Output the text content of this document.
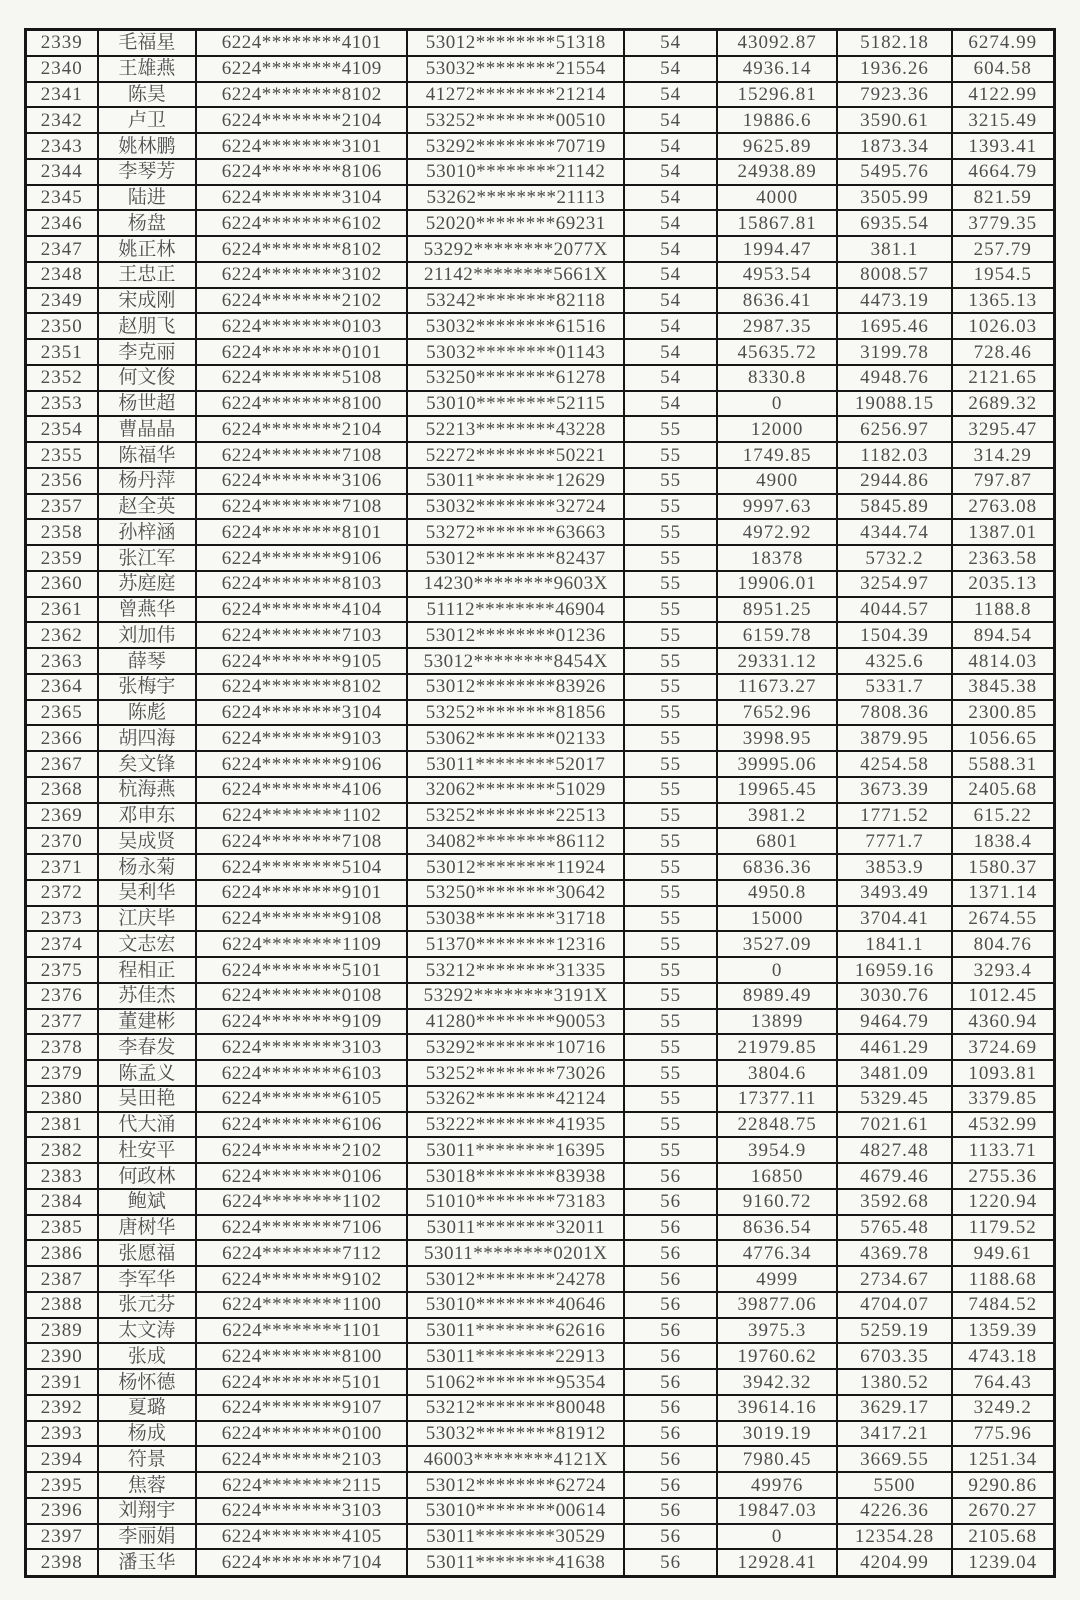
2339	毛福星	6224********4101	53012********51318	54	43092.87	5182.18	6274.99
2340	王雄燕	6224********4109	53032********21554	54	4936.14	1936.26	604.58
2341	陈昊	6224********8102	41272********21214	54	15296.81	7923.36	4122.99
2342	卢卫	6224********2104	53252********00510	54	19886.6	3590.61	3215.49
2343	姚林鹏	6224********3101	53292********70719	54	9625.89	1873.34	1393.41
2344	李琴芳	6224********8106	53010********21142	54	24938.89	5495.76	4664.79
2345	陆进	6224********3104	53262********21113	54	4000	3505.99	821.59
2346	杨盘	6224********6102	52020********69231	54	15867.81	6935.54	3779.35
2347	姚正林	6224********8102	53292********2077X	54	1994.47	381.1	257.79
2348	王忠正	6224********3102	21142********5661X	54	4953.54	8008.57	1954.5
2349	宋成刚	6224********2102	53242********82118	54	8636.41	4473.19	1365.13
2350	赵朋飞	6224********0103	53032********61516	54	2987.35	1695.46	1026.03
2351	李克丽	6224********0101	53032********01143	54	45635.72	3199.78	728.46
2352	何文俊	6224********5108	53250********61278	54	8330.8	4948.76	2121.65
2353	杨世超	6224********8100	53010********52115	54	0	19088.15	2689.32
2354	曹晶晶	6224********2104	52213********43228	55	12000	6256.97	3295.47
2355	陈福华	6224********7108	52272********50221	55	1749.85	1182.03	314.29
2356	杨丹萍	6224********3106	53011********12629	55	4900	2944.86	797.87
2357	赵全英	6224********7108	53032********32724	55	9997.63	5845.89	2763.08
2358	孙梓涵	6224********8101	53272********63663	55	4972.92	4344.74	1387.01
2359	张江军	6224********9106	53012********82437	55	18378	5732.2	2363.58
2360	苏庭庭	6224********8103	14230********9603X	55	19906.01	3254.97	2035.13
2361	曾燕华	6224********4104	51112********46904	55	8951.25	4044.57	1188.8
2362	刘加伟	6224********7103	53012********01236	55	6159.78	1504.39	894.54
2363	薛琴	6224********9105	53012********8454X	55	29331.12	4325.6	4814.03
2364	张梅宇	6224********8102	53012********83926	55	11673.27	5331.7	3845.38
2365	陈彪	6224********3104	53252********81856	55	7652.96	7808.36	2300.85
2366	胡四海	6224********9103	53062********02133	55	3998.95	3879.95	1056.65
2367	矣文锋	6224********9106	53011********52017	55	39995.06	4254.58	5588.31
2368	杭海燕	6224********4106	32062********51029	55	19965.45	3673.39	2405.68
2369	邓申东	6224********1102	53252********22513	55	3981.2	1771.52	615.22
2370	吴成贤	6224********7108	34082********86112	55	6801	7771.7	1838.4
2371	杨永菊	6224********5104	53012********11924	55	6836.36	3853.9	1580.37
2372	吴利华	6224********9101	53250********30642	55	4950.8	3493.49	1371.14
2373	江庆毕	6224********9108	53038********31718	55	15000	3704.41	2674.55
2374	文志宏	6224********1109	51370********12316	55	3527.09	1841.1	804.76
2375	程相正	6224********5101	53212********31335	55	0	16959.16	3293.4
2376	苏佳杰	6224********0108	53292********3191X	55	8989.49	3030.76	1012.45
2377	董建彬	6224********9109	41280********90053	55	13899	9464.79	4360.94
2378	李春发	6224********3103	53292********10716	55	21979.85	4461.29	3724.69
2379	陈孟义	6224********6103	53252********73026	55	3804.6	3481.09	1093.81
2380	吴田艳	6224********6105	53262********42124	55	17377.11	5329.45	3379.85
2381	代大涌	6224********6106	53222********41935	55	22848.75	7021.61	4532.99
2382	杜安平	6224********2102	53011********16395	55	3954.9	4827.48	1133.71
2383	何政林	6224********0106	53018********83938	56	16850	4679.46	2755.36
2384	鲍斌	6224********1102	51010********73183	56	9160.72	3592.68	1220.94
2385	唐树华	6224********7106	53011********32011	56	8636.54	5765.48	1179.52
2386	张愿福	6224********7112	53011********0201X	56	4776.34	4369.78	949.61
2387	李军华	6224********9102	53012********24278	56	4999	2734.67	1188.68
2388	张元芬	6224********1100	53010********40646	56	39877.06	4704.07	7484.52
2389	太文涛	6224********1101	53011********62616	56	3975.3	5259.19	1359.39
2390	张成	6224********8100	53011********22913	56	19760.62	6703.35	4743.18
2391	杨怀德	6224********5101	51062********95354	56	3942.32	1380.52	764.43
2392	夏璐	6224********9107	53212********80048	56	39614.16	3629.17	3249.2
2393	杨成	6224********0100	53032********81912	56	3019.19	3417.21	775.96
2394	符景	6224********2103	46003********4121X	56	7980.45	3669.55	1251.34
2395	焦蓉	6224********2115	53012********62724	56	49976	5500	9290.86
2396	刘翔宇	6224********3103	53010********00614	56	19847.03	4226.36	2670.27
2397	李丽娟	6224********4105	53011********30529	56	0	12354.28	2105.68
2398	潘玉华	6224********7104	53011********41638	56	12928.41	4204.99	1239.04
